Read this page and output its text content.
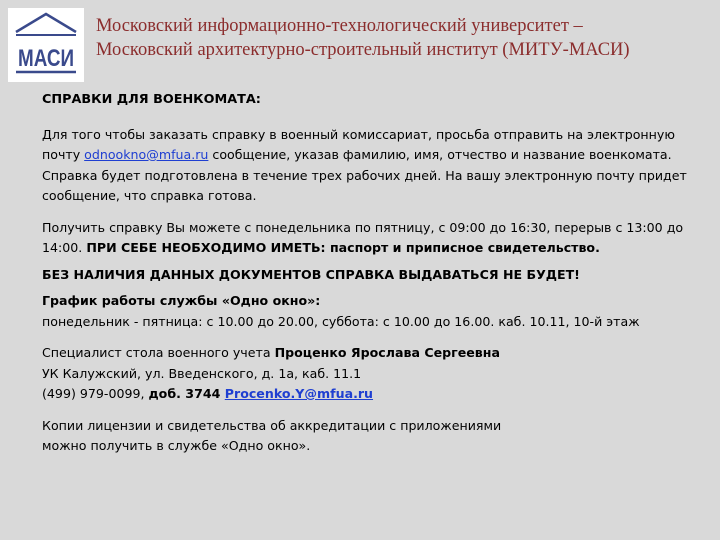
МАСИ
Московский информационно-технологический университет –
Московский архитектурно-строительный институт (МИТУ-МАСИ)

СПРАВКИ ДЛЯ ВОЕНКОМАТА:

Для того чтобы заказать справку в военный комиссариат, просьба отправить на электронную почту odnookno@mfua.ru сообщение, указав фамилию, имя, отчество и название военкомата. Справка будет подготовлена в течение трех рабочих дней. На вашу электронную почту придет сообщение, что справка готова.

Получить справку Вы можете с понедельника по пятницу, с 09:00 до 16:30, перерыв с 13:00 до 14:00. ПРИ СЕБЕ НЕОБХОДИМО ИМЕТЬ: паспорт и приписное свидетельство.

БЕЗ НАЛИЧИЯ ДАННЫХ ДОКУМЕНТОВ СПРАВКА ВЫДАВАТЬСЯ НЕ БУДЕТ!

График работы службы «Одно окно»:

понедельник - пятница: с 10.00 до 20.00, суббота: с 10.00 до 16.00. каб. 10.11, 10-й этаж

Специалист стола военного учета Проценко Ярослава Сергеевна

УК Калужский, ул. Введенского, д. 1а, каб. 11.1

(499) 979-0099, доб. 3744 Procenko.Y@mfua.ru

Копии лицензии и свидетельства об аккредитации с приложениями

можно получить в службе «Одно окно».
